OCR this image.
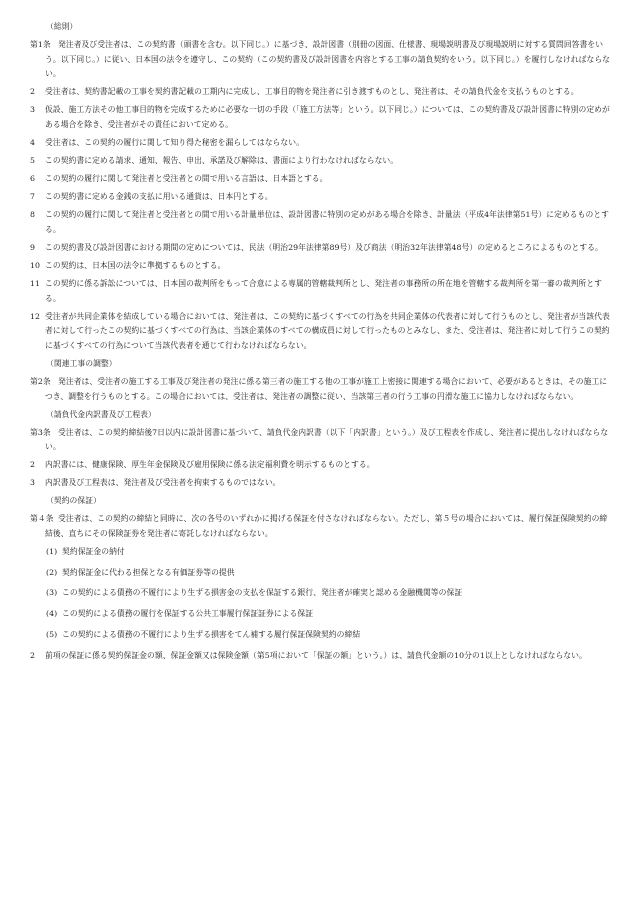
（総則）
第1条 発注者及び受注者は、この契約書（頭書を含む。以下同じ。）に基づき、設計図書（別冊の図面、仕様書、現場説明書及び現場説明に対する質問回答書をいう。以下同じ。）に従い、日本国の法令を遵守し、この契約（この契約書及び設計図書を内容とする工事の請負契約をいう。以下同じ。）を履行しなければならない。
2 受注者は、契約書記載の工事を契約書記載の工期内に完成し、工事目的物を発注者に引き渡すものとし、発注者は、その請負代金を支払うものとする。
3 仮設、施工方法その他工事目的物を完成するために必要な一切の手段（「施工方法等」という。以下同じ。）については、この契約書及び設計図書に特別の定めがある場合を除き、受注者がその責任において定める。
4 受注者は、この契約の履行に関して知り得た秘密を漏らしてはならない。
5 この契約書に定める請求、通知、報告、申出、承諾及び解除は、書面により行わなければならない。
6 この契約の履行に関して発注者と受注者との間で用いる言語は、日本語とする。
7 この契約書に定める金銭の支払に用いる通貨は、日本円とする。
8 この契約の履行に関して発注者と受注者との間で用いる計量単位は、設計図書に特別の定めがある場合を除き、計量法（平成4年法律第51号）に定めるものとする。
9 この契約書及び設計図書における期間の定めについては、民法（明治29年法律第89号）及び商法（明治32年法律第48号）の定めるところによるものとする。
10 この契約は、日本国の法令に準拠するものとする。
11 この契約に係る訴訟については、日本国の裁判所をもって合意による専属的管轄裁判所とし、発注者の事務所の所在地を管轄する裁判所を第一審の裁判所とする。
12 受注者が共同企業体を結成している場合においては、発注者は、この契約に基づくすべての行為を共同企業体の代表者に対して行うものとし、発注者が当該代表者に対して行ったこの契約に基づくすべての行為は、当該企業体のすべての構成員に対して行ったものとみなし、また、受注者は、発注者に対して行うこの契約に基づくすべての行為について当該代表者を通じて行わなければならない。
（関連工事の調整）
第2条 発注者は、受注者の施工する工事及び発注者の発注に係る第三者の施工する他の工事が施工上密接に関連する場合において、必要があるときは、その施工につき、調整を行うものとする。この場合においては、受注者は、発注者の調整に従い、当該第三者の行う工事の円滑な施工に協力しなければならない。
（請負代金内訳書及び工程表）
第3条 受注者は、この契約締結後7日以内に設計図書に基づいて、請負代金内訳書（以下「内訳書」という。）及び工程表を作成し、発注者に提出しなければならない。
2 内訳書には、健康保険、厚生年金保険及び雇用保険に係る法定福利費を明示するものとする。
3 内訳書及び工程表は、発注者及び受注者を拘束するものではない。
（契約の保証）
第４条 受注者は、この契約の締結と同時に、次の各号のいずれかに掲げる保証を付さなければならない。ただし、第５号の場合においては、履行保証保険契約の締結後、直ちにその保険証券を発注者に寄託しなければならない。
(1) 契約保証金の納付
(2) 契約保証金に代わる担保となる有価証券等の提供
(3) この契約による債務の不履行により生ずる損害金の支払を保証する銀行、発注者が確実と認める金融機関等の保証
(4) この契約による債務の履行を保証する公共工事履行保証証券による保証
(5) この契約による債務の不履行により生ずる損害をてん補する履行保証保険契約の締結
2 前項の保証に係る契約保証金の額、保証金額又は保険金額（第5項において「保証の額」という。）は、請負代金額の10分の1以上としなければならない。
